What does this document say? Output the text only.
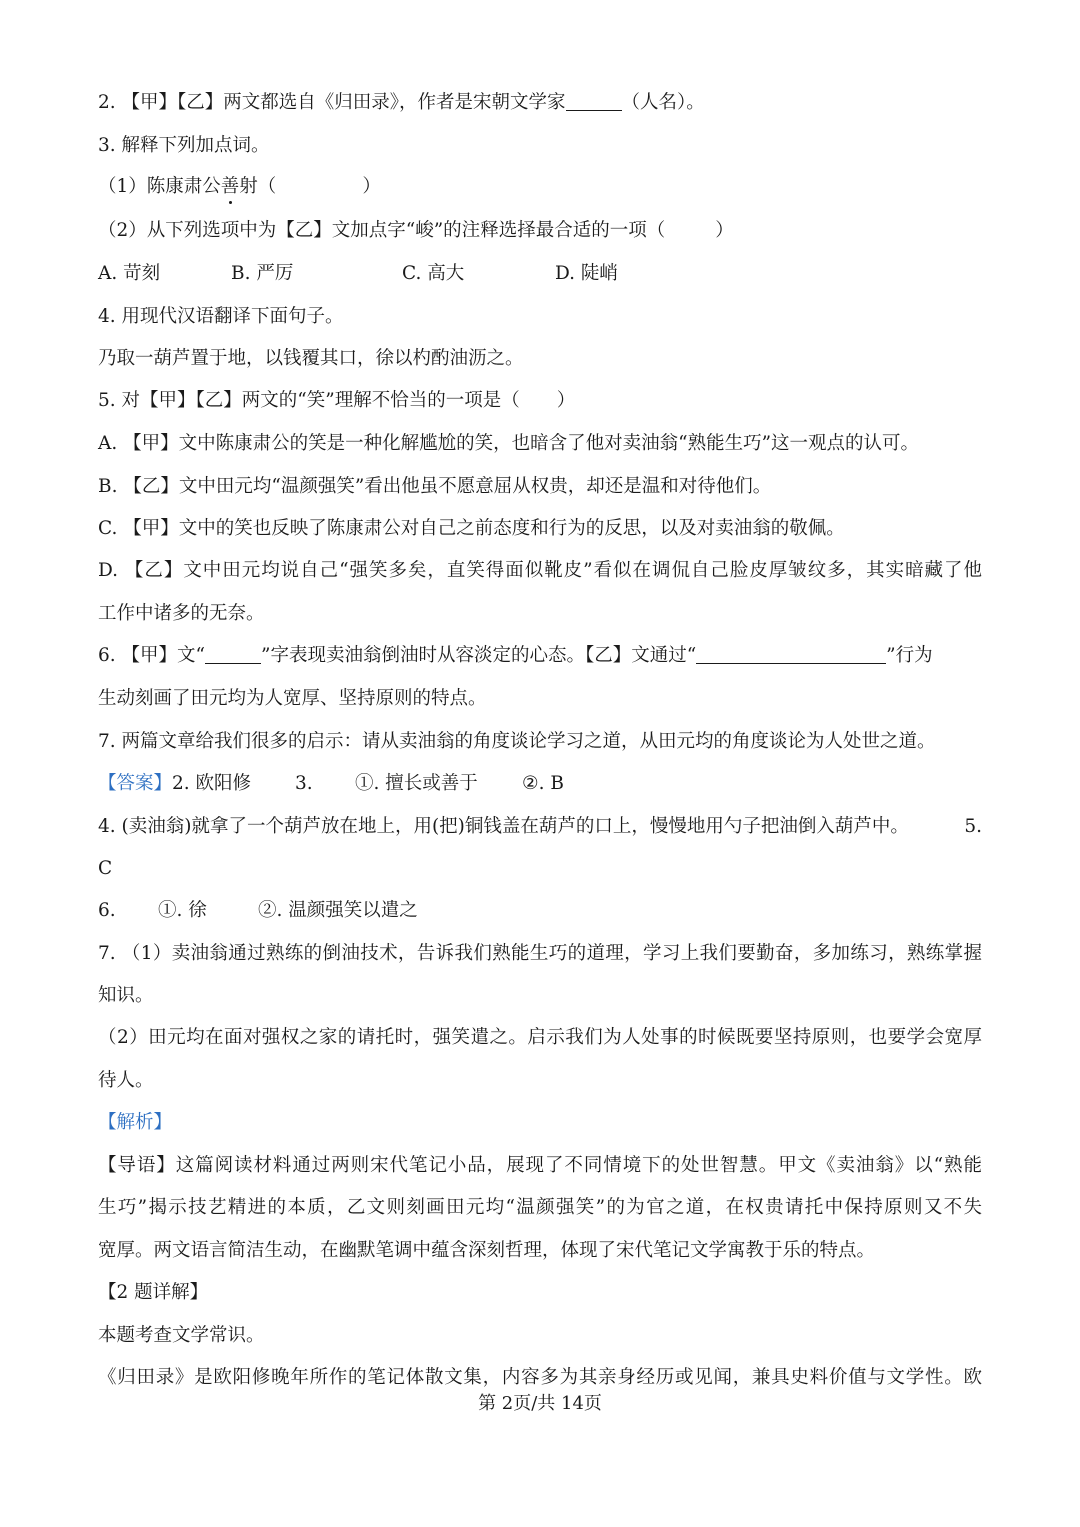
2. 【甲】【乙】两文都选自《归田录》，作者是宋朝文学家	（人名）。
3. 解释下列加点词。
（1）陈康肃公善射（	）
（2）从下列选项中为【乙】文加点字“峻”的注释选择最合适的一项（	）
A. 苛刻	B. 严厉	C. 高大	D. 陡峭
4. 用现代汉语翻译下面句子。
乃取一葫芦置于地，以钱覆其口，徐以杓酌油沥之。
5. 对【甲】【乙】两文的“笑”理解不恰当的一项是（　　）
A. 【甲】文中陈康肃公的笑是一种化解尴尬的笑，也暗含了他对卖油翁“熟能生巧”这一观点的认可。
B. 【乙】文中田元均“温颜强笑”看出他虽不愿意屈从权贵，却还是温和对待他们。
C. 【甲】文中的笑也反映了陈康肃公对自己之前态度和行为的反思，以及对卖油翁的敬佩。
D. 【乙】文中田元均说自己“强笑多矣，直笑得面似靴皮”看似在调侃自己脸皮厚皱纹多，其实暗藏了他
工作中诸多的无奈。
6. 【甲】文“	”字表现卖油翁倒油时从容淡定的心态。【乙】文通过“	”行为
生动刻画了田元均为人宽厚、坚持原则的特点。
7. 两篇文章给我们很多的启示：请从卖油翁的角度谈论学习之道，从田元均的角度谈论为人处世之道。
【答案】2. 欧阳修 3. ①. 擅长或善于 ②. B
4. (卖油翁)就拿了一个葫芦放在地上，用(把)铜钱盖在葫芦的口上，慢慢地用勺子把油倒入葫芦中。	5.
C
6. ①. 徐	②. 温颜强笑以遣之
7. （1）卖油翁通过熟练的倒油技术，告诉我们熟能生巧的道理，学习上我们要勤奋，多加练习，熟练掌握
知识。
（2）田元均在面对强权之家的请托时，强笑遣之。启示我们为人处事的时候既要坚持原则，也要学会宽厚
待人。
【解析】
【导语】这篇阅读材料通过两则宋代笔记小品，展现了不同情境下的处世智慧。甲文《卖油翁》以“熟能
生巧”揭示技艺精进的本质，乙文则刻画田元均“温颜强笑”的为官之道，在权贵请托中保持原则又不失
宽厚。两文语言简洁生动，在幽默笔调中蕴含深刻哲理，体现了宋代笔记文学寓教于乐的特点。
【2 题详解】
本题考查文学常识。
《归田录》是欧阳修晚年所作的笔记体散文集，内容多为其亲身经历或见闻，兼具史料价值与文学性。欧
第 2页/共 14页
